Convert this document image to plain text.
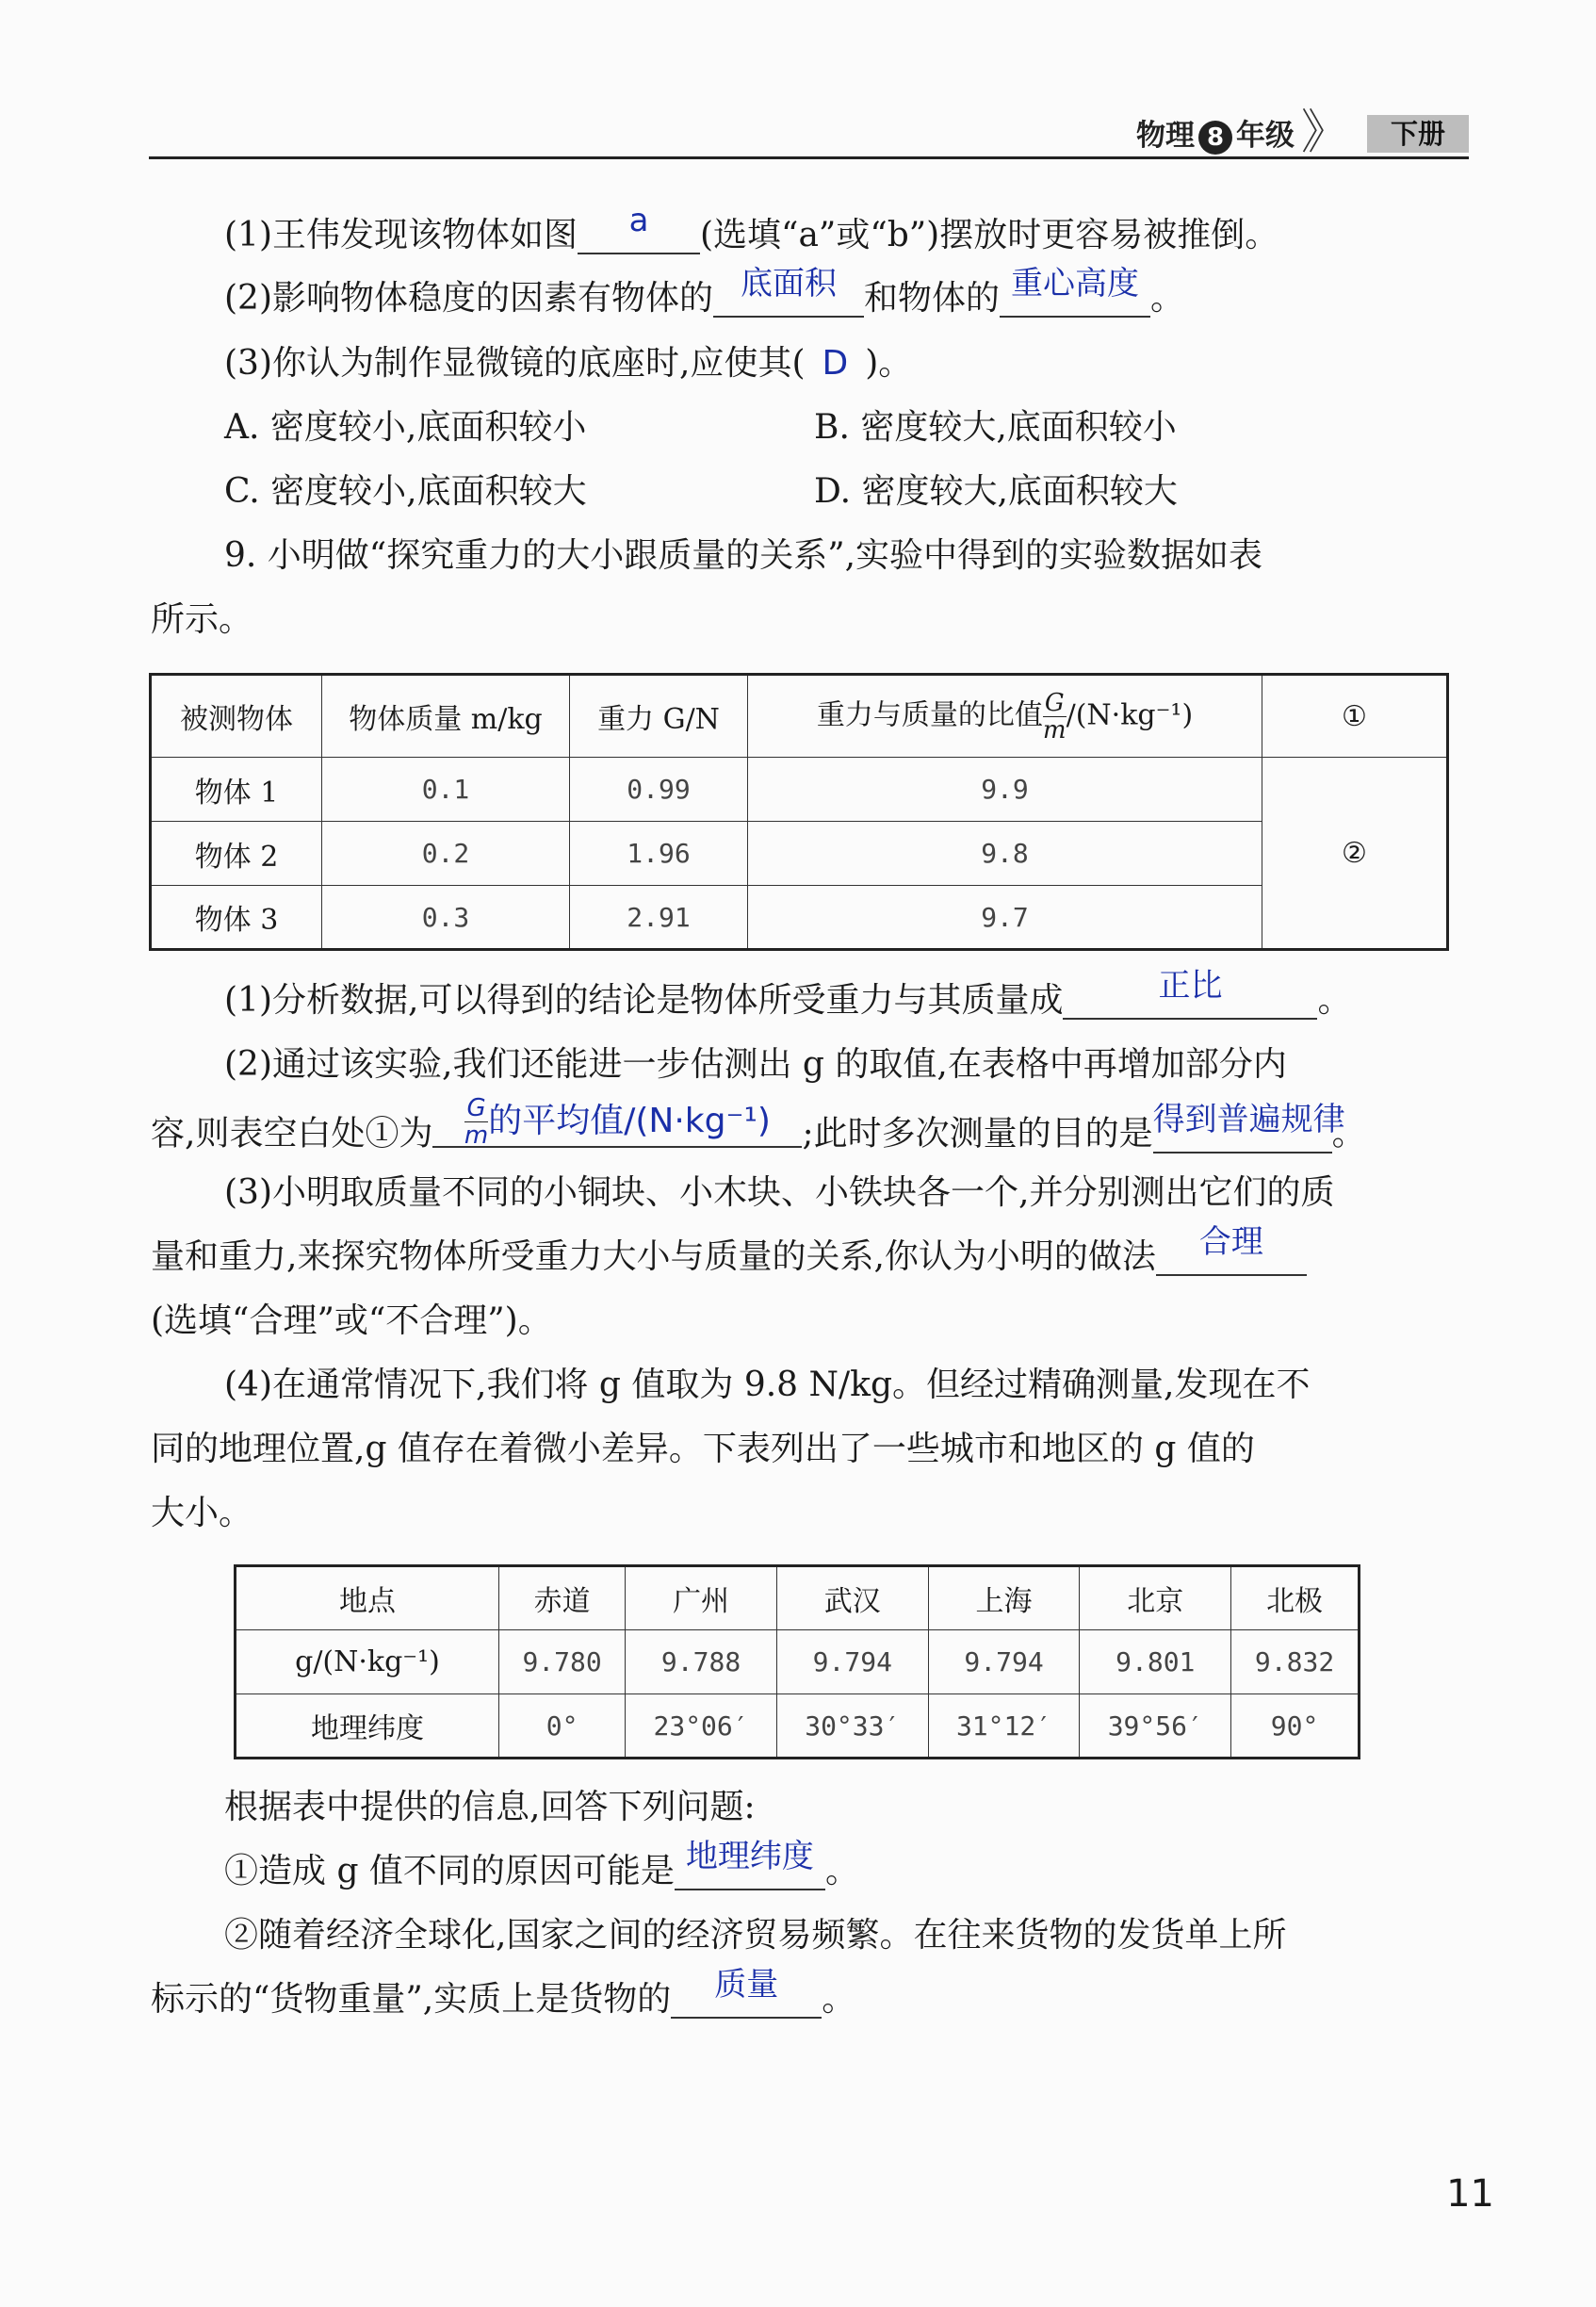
物理 8 年级 》	下册
(1)王伟发现该物体如图 a (选填“a”或“b”)摆放时更容易被推倒。
(2)影响物体稳度的因素有物体的 底面积 和物体的 重心高度 。
(3)你认为制作显微镜的底座时,应使其( D )。
A. 密度较小,底面积较小	B. 密度较大,底面积较小
C. 密度较小,底面积较大	D. 密度较大,底面积较大
9. 小明做“探究重力的大小跟质量的关系”,实验中得到的实验数据如表
所示。
被测物体	物体质量 m/kg	重力 G/N	重力与质量的比值 $\frac{G}{m} /(N\cdot kg^{-1})$	①
物体 1	0.1	0.99	9.9	②
物体 2	0.2	1.96	9.8	
物体 3	0.3	2.91	9.7	
(1)分析数据,可以得到的结论是物体所受重力与其质量成	正比	。
(2)通过该实验,我们还能进一步估测出 g 的取值,在表格中再增加部分内
容,则表空白处①为 $\frac{G}{m}$ 的平均值/(N·kg⁻¹) ;此时多次测量的目的是得到普遍规律。
(3)小明取质量不同的小铜块、小木块、小铁块各一个,并分别测出它们的质
量和重力,来探究物体所受重力大小与质量的关系,你认为小明的做法 合理
(选填“合理”或“不合理”)。
(4)在通常情况下,我们将 g 值取为 9.8 N/kg。但经过精确测量,发现在不
同的地理位置,g 值存在着微小差异。下表列出了一些城市和地区的 g 值的
大小。
地点	赤道	广州	武汉	上海	北京	北极
g/(N·kg⁻¹)	9.780	9.788	9.794	9.794	9.801	9.832
地理纬度	0°	23°06′	30°33′	31°12′	39°56′	90°
根据表中提供的信息,回答下列问题:
①造成 g 值不同的原因可能是 地理纬度 。
②随着经济全球化,国家之间的经济贸易频繁。在往来货物的发货单上所
标示的“货物重量”,实质上是货物的 质量 。
11
